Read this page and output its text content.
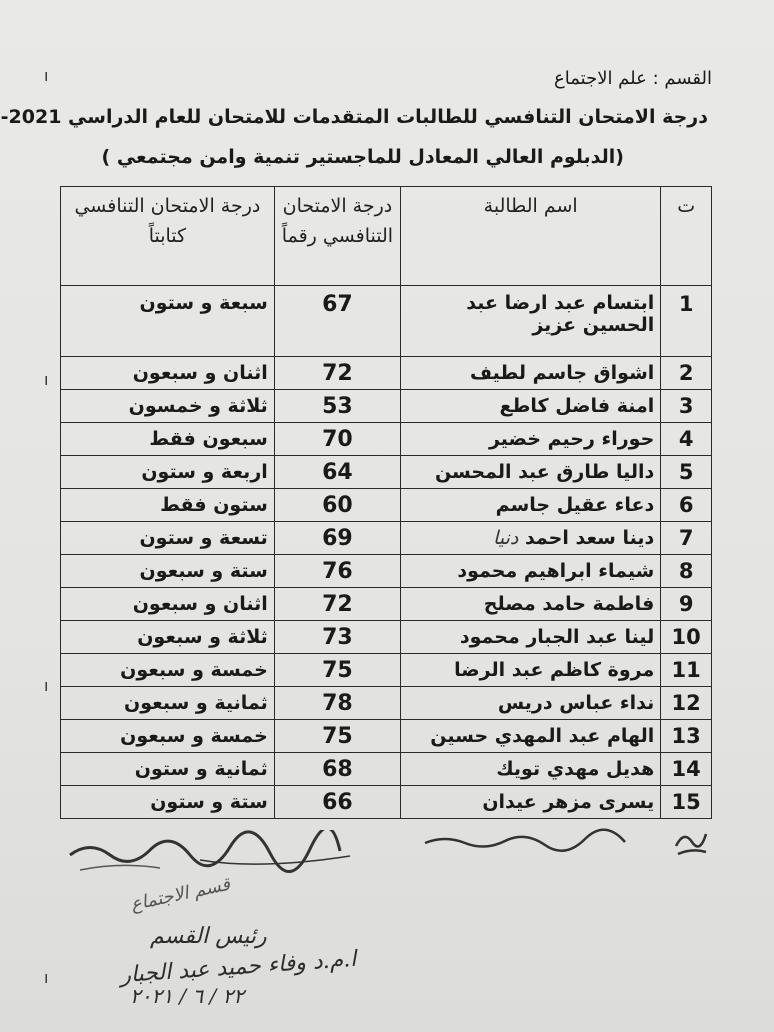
القسم : علم الاجتماع
درجة الامتحان التنافسي للطالبات المتقدمات للامتحان للعام الدراسي 2021-
(الدبلوم العالي المعادل للماجستير تنمية وامن مجتمعي )
ت	اسم الطالبة	درجة الامتحان التنافسي رقماً	درجة الامتحان التنافسي كتابتاً
1	ابتسام عبد ارضا عبد الحسين عزيز	67	سبعة و ستون
2	اشواق جاسم لطيف	72	اثنان و سبعون
3	امنة فاضل كاطع	53	ثلاثة و خمسون
4	حوراء رحيم خضير	70	سبعون فقط
5	داليا طارق عبد المحسن	64	اربعة و ستون
6	دعاء عقيل جاسم	60	ستون فقط
7	دينا سعد احمد دنيا	69	تسعة و ستون
8	شيماء ابراهيم محمود	76	ستة و سبعون
9	فاطمة حامد مصلح	72	اثنان و سبعون
10	لينا عبد الجبار محمود	73	ثلاثة و سبعون
11	مروة كاظم عبد الرضا	75	خمسة و سبعون
12	نداء عباس دريس	78	ثمانية و سبعون
13	الهام عبد المهدي حسين	75	خمسة و سبعون
14	هديل مهدي تويك	68	ثمانية و ستون
15	يسرى مزهر عيدان	66	ستة و ستون
قسم الاجتماع
رئيس القسم
ا.م.د وفاء حميد عبد الجبار
٢٢ / ٦ / ٢٠٢١
ı
ı
ı
ı
